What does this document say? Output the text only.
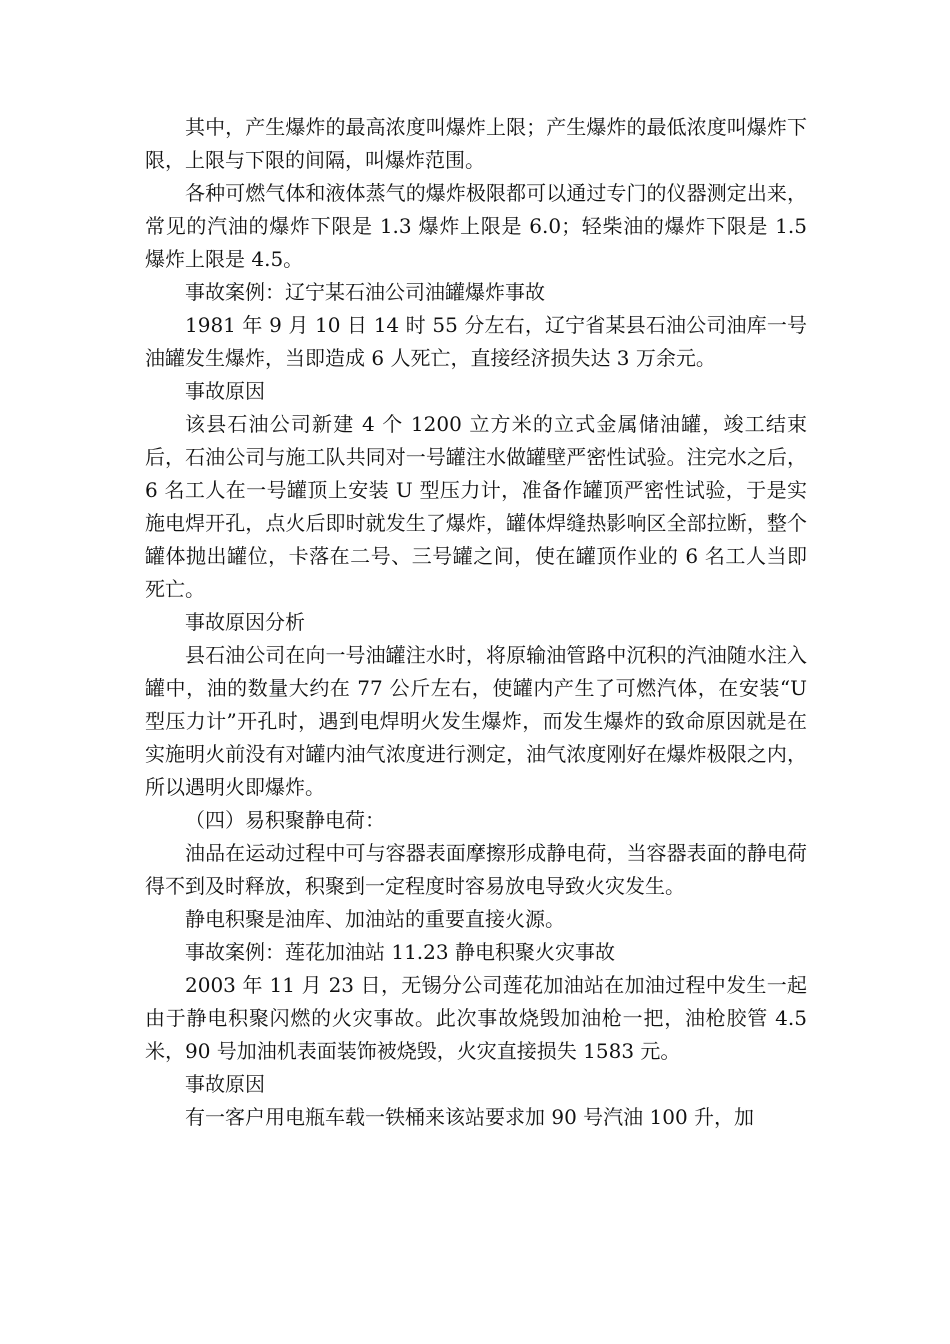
其中，产生爆炸的最高浓度叫爆炸上限；产生爆炸的最低浓度叫爆炸下限，上限与下限的间隔，叫爆炸范围。

各种可燃气体和液体蒸气的爆炸极限都可以通过专门的仪器测定出来，常见的汽油的爆炸下限是 1.3 爆炸上限是 6.0；轻柴油的爆炸下限是 1.5 爆炸上限是 4.5。

事故案例：辽宁某石油公司油罐爆炸事故

1981 年 9 月 10 日 14 时 55 分左右，辽宁省某县石油公司油库一号油罐发生爆炸，当即造成 6 人死亡，直接经济损失达 3 万余元。

事故原因

该县石油公司新建 4 个 1200 立方米的立式金属储油罐，竣工结束后，石油公司与施工队共同对一号罐注水做罐壁严密性试验。注完水之后，6 名工人在一号罐顶上安装 U 型压力计，准备作罐顶严密性试验，于是实施电焊开孔，点火后即时就发生了爆炸，罐体焊缝热影响区全部拉断，整个罐体抛出罐位，卡落在二号、三号罐之间，使在罐顶作业的 6 名工人当即死亡。

事故原因分析

县石油公司在向一号油罐注水时，将原输油管路中沉积的汽油随水注入罐中，油的数量大约在 77 公斤左右，使罐内产生了可燃汽体，在安装“U 型压力计”开孔时，遇到电焊明火发生爆炸，而发生爆炸的致命原因就是在实施明火前没有对罐内油气浓度进行测定，油气浓度刚好在爆炸极限之内，所以遇明火即爆炸。

（四）易积聚静电荷：

油品在运动过程中可与容器表面摩擦形成静电荷，当容器表面的静电荷得不到及时释放，积聚到一定程度时容易放电导致火灾发生。

静电积聚是油库、加油站的重要直接火源。

事故案例：莲花加油站 11.23 静电积聚火灾事故

2003 年 11 月 23 日，无锡分公司莲花加油站在加油过程中发生一起由于静电积聚闪燃的火灾事故。此次事故烧毁加油枪一把，油枪胶管 4.5 米，90 号加油机表面装饰被烧毁，火灾直接损失 1583 元。

事故原因

有一客户用电瓶车载一铁桶来该站要求加 90 号汽油 100 升，加
